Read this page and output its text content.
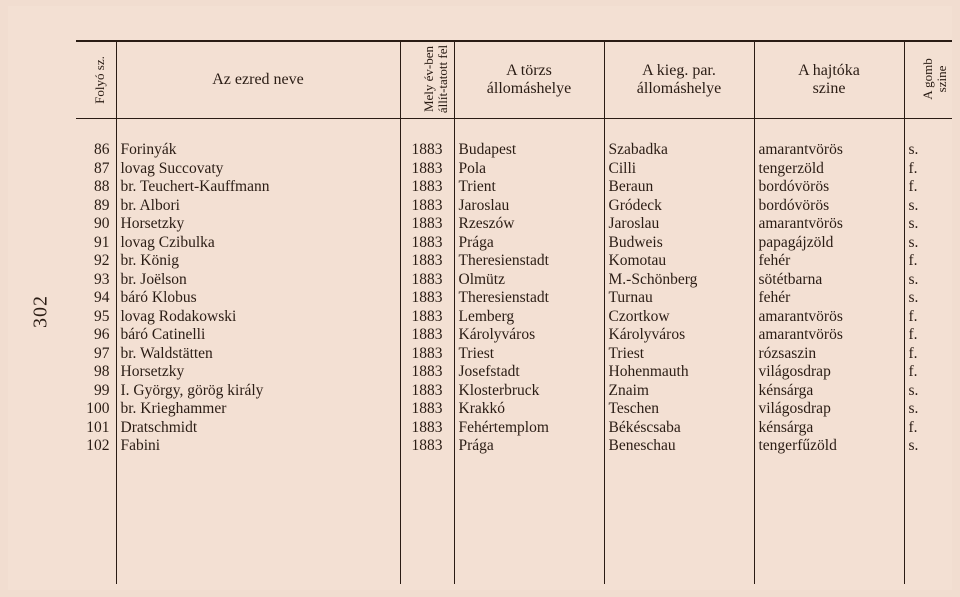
302
Folyó sz.	Az ezred neve	Mely év-ben állít-tatott fel	A törzs állomáshelye	A kieg. par. állomáshelye	A hajtóka szine	A gomb szine

86	Forinyák	1883	Budapest	Szabadka	amarantvörös	s.
87	lovag Succovaty	1883	Pola	Cilli	tengerzöld	f.
88	br. Teuchert-Kauffmann	1883	Trient	Beraun	bordóvörös	f.
89	br. Albori	1883	Jaroslau	Gródeck	bordóvörös	s.
90	Horsetzky	1883	Rzeszów	Jaroslau	amarantvörös	s.
91	lovag Czibulka	1883	Prága	Budweis	papagájzöld	s.
92	br. König	1883	Theresienstadt	Komotau	fehér	f.
93	br. Joëlson	1883	Olmütz	M.-Schönberg	sötétbarna	s.
94	báró Klobus	1883	Theresienstadt	Turnau	fehér	s.
95	lovag Rodakowski	1883	Lemberg	Czortkow	amarantvörös	f.
96	báró Catinelli	1883	Károlyváros	Károlyváros	amarantvörös	f.
97	br. Waldstätten	1883	Triest	Triest	rózsaszin	f.
98	Horsetzky	1883	Josefstadt	Hohenmauth	világosdrap	f.
99	I. György, görög király	1883	Klosterbruck	Znaim	kénsárga	s.
100	br. Krieghammer	1883	Krakkó	Teschen	világosdrap	s.
101	Dratschmidt	1883	Fehértemplom	Békéscsaba	kénsárga	f.
102	Fabini	1883	Prága	Beneschau	tengerfűzöld	s.
